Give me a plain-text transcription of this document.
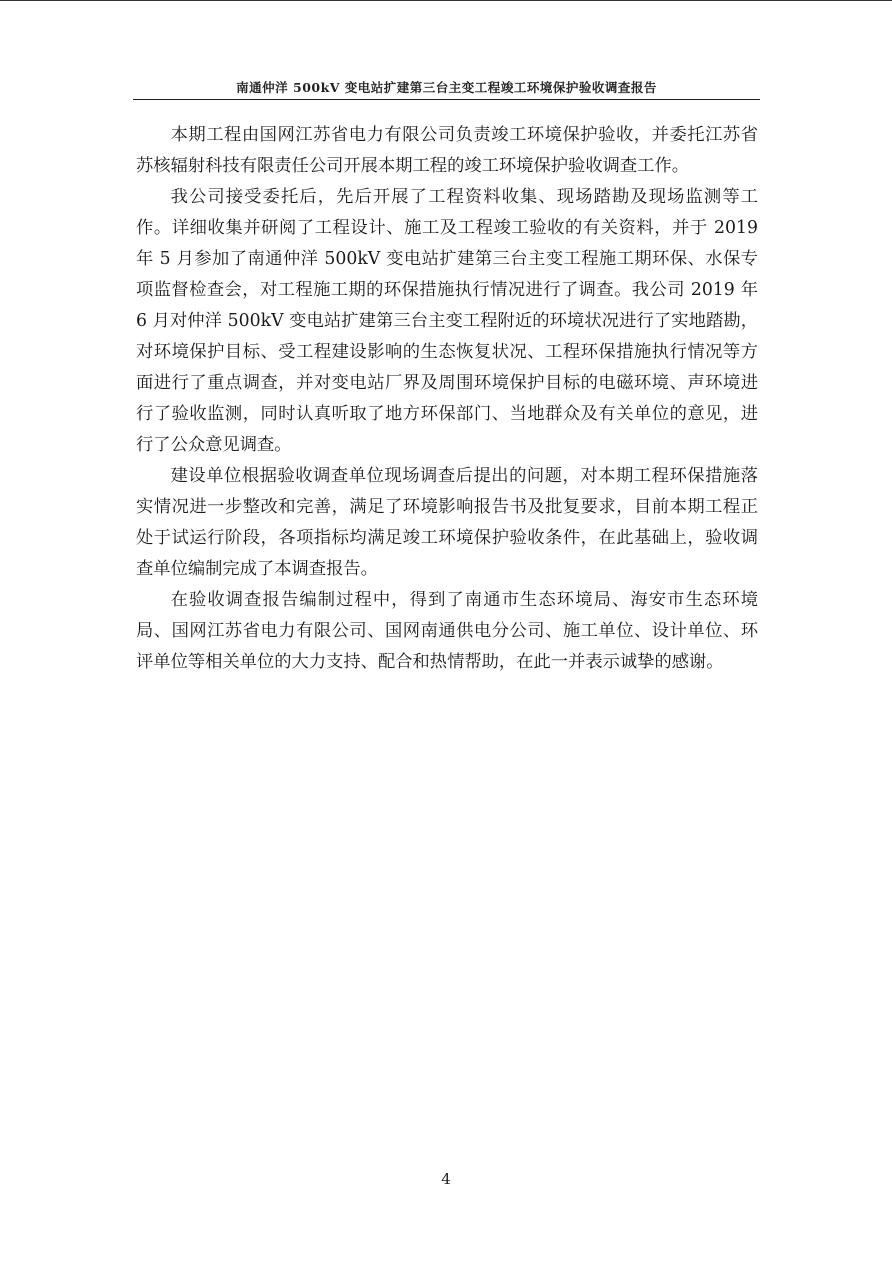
南通仲洋 500kV 变电站扩建第三台主变工程竣工环境保护验收调查报告

本期工程由国网江苏省电力有限公司负责竣工环境保护验收，并委托江苏省苏核辐射科技有限责任公司开展本期工程的竣工环境保护验收调查工作。

我公司接受委托后，先后开展了工程资料收集、现场踏勘及现场监测等工作。详细收集并研阅了工程设计、施工及工程竣工验收的有关资料，并于 2019 年 5 月参加了南通仲洋 500kV 变电站扩建第三台主变工程施工期环保、水保专项监督检查会，对工程施工期的环保措施执行情况进行了调查。我公司 2019 年 6 月对仲洋 500kV 变电站扩建第三台主变工程附近的环境状况进行了实地踏勘，对环境保护目标、受工程建设影响的生态恢复状况、工程环保措施执行情况等方面进行了重点调查，并对变电站厂界及周围环境保护目标的电磁环境、声环境进行了验收监测，同时认真听取了地方环保部门、当地群众及有关单位的意见，进行了公众意见调查。

建设单位根据验收调查单位现场调查后提出的问题，对本期工程环保措施落实情况进一步整改和完善，满足了环境影响报告书及批复要求，目前本期工程正处于试运行阶段，各项指标均满足竣工环境保护验收条件，在此基础上，验收调查单位编制完成了本调查报告。

在验收调查报告编制过程中，得到了南通市生态环境局、海安市生态环境局、国网江苏省电力有限公司、国网南通供电分公司、施工单位、设计单位、环评单位等相关单位的大力支持、配合和热情帮助，在此一并表示诚挚的感谢。

4
